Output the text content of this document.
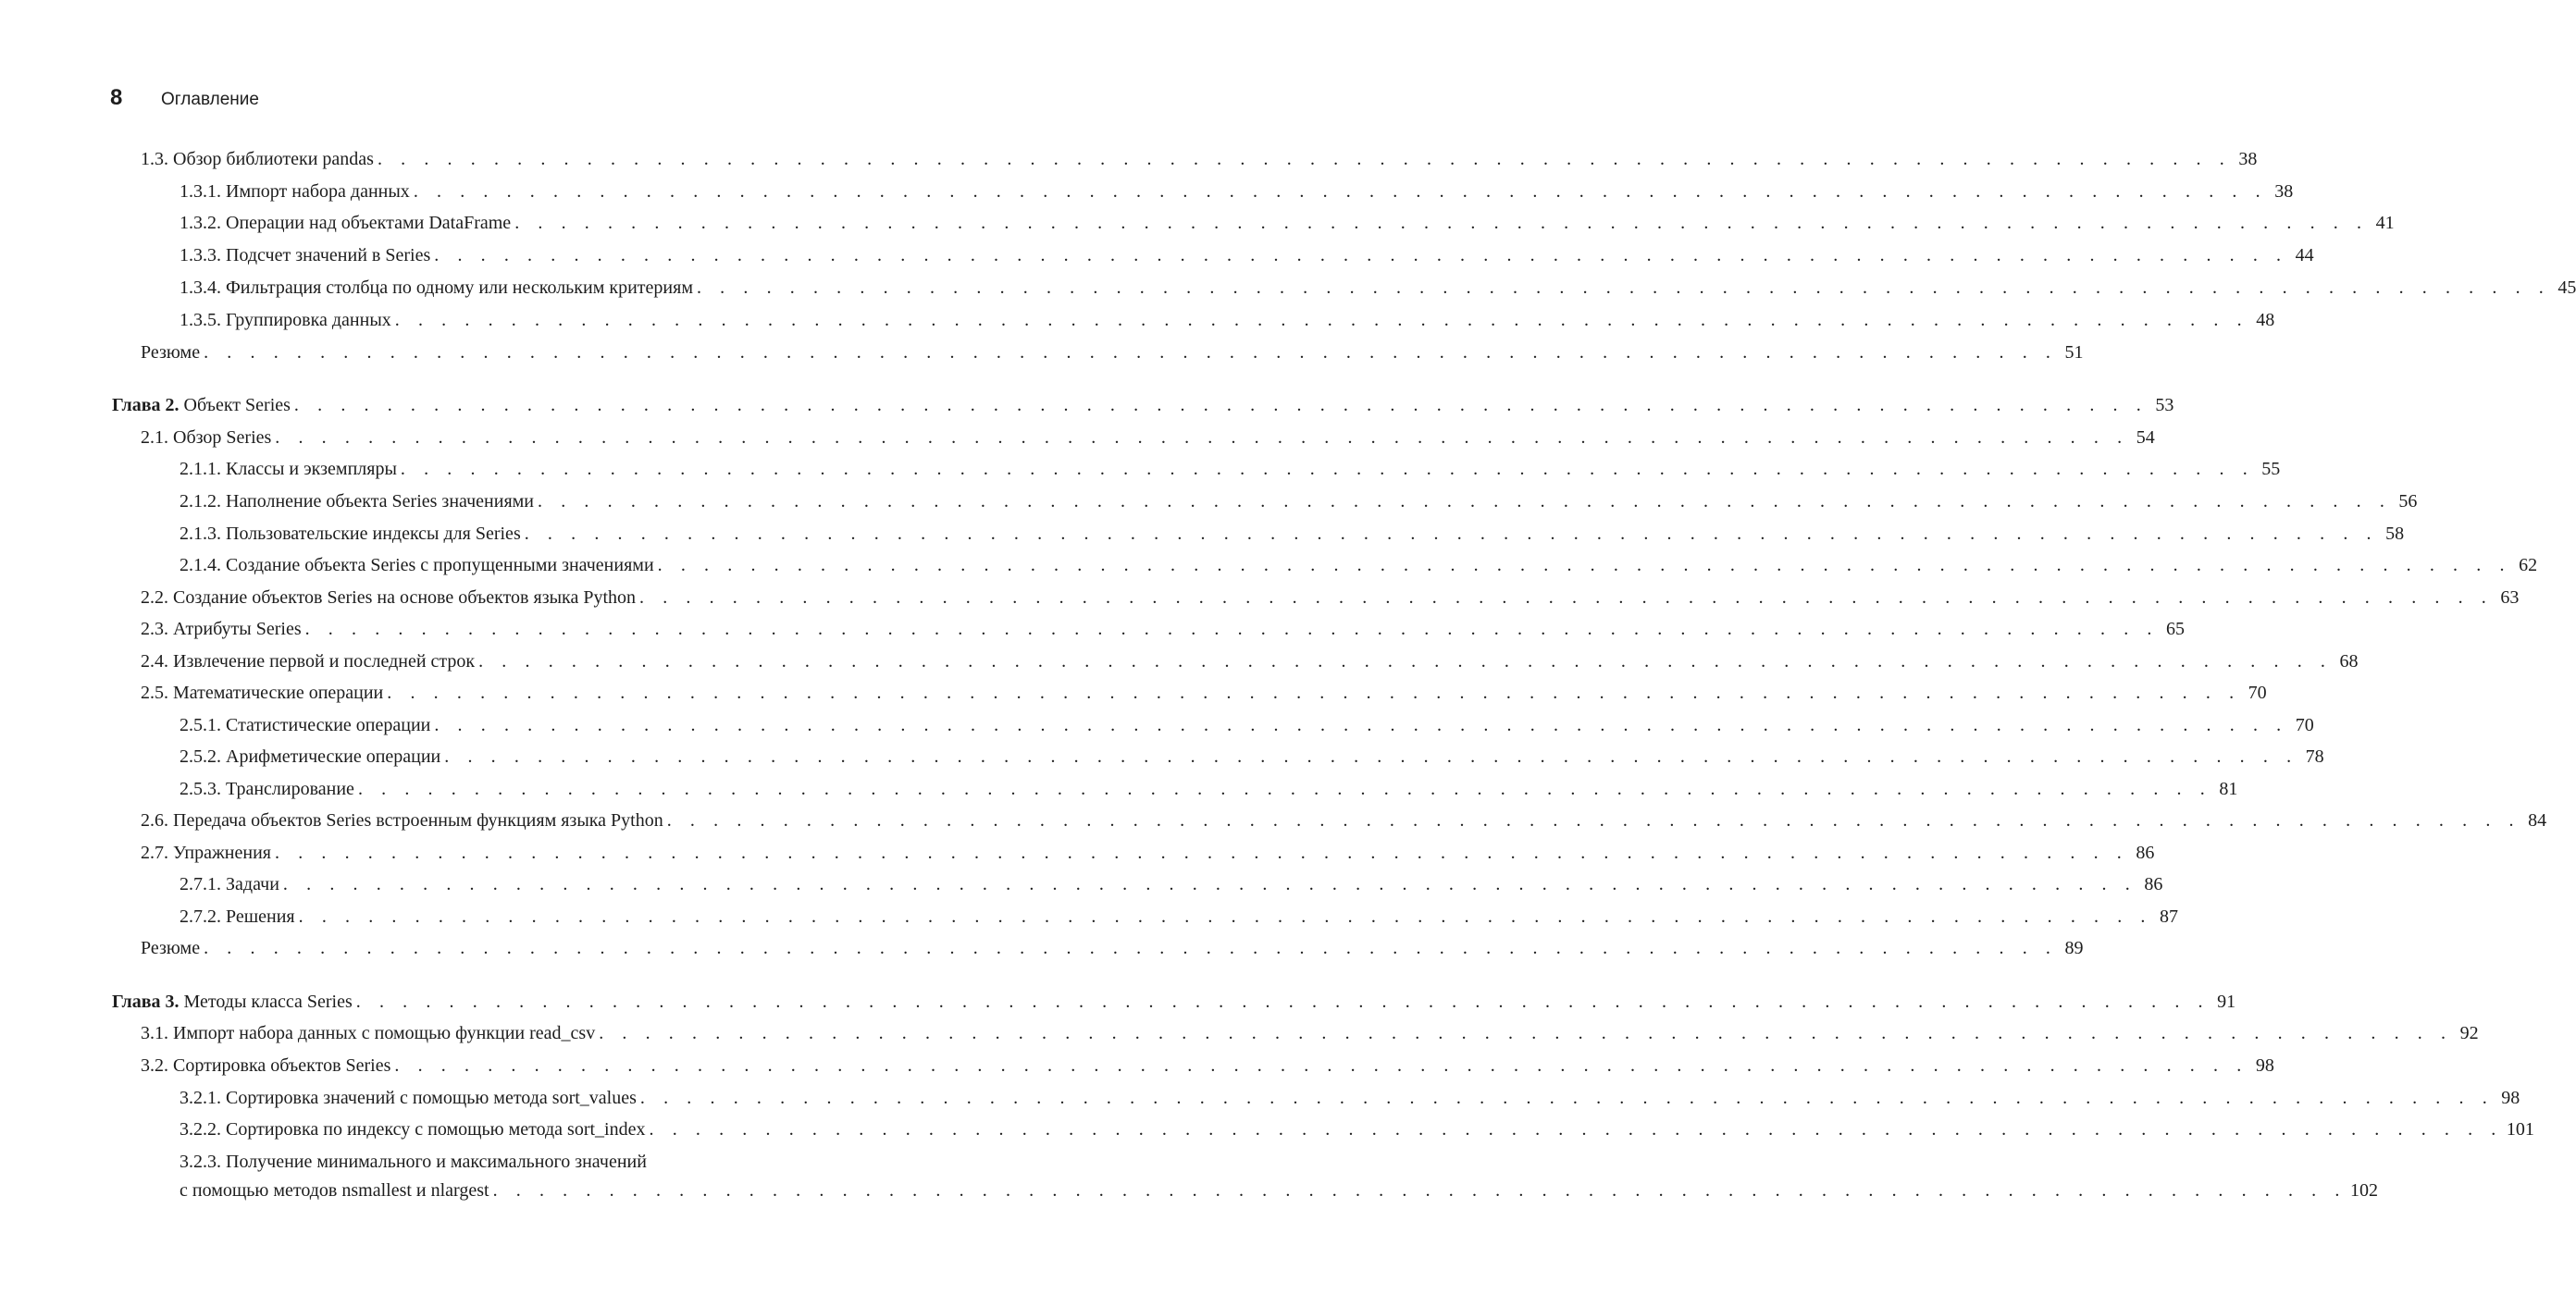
8	Оглавление
1.3. Обзор библиотеки pandas . . . . . . . . . . . . . . . . . . . . . . . . . . . . . . . . . . . . . . . . . . . . . . . . . . . . . . . . . . . . . . . . . . . . . . . . . . . . . . . . 38
1.3.1. Импорт набора данных . . . . . . . . . . . . . . . . . . . . . . . . . . . . . . . . . . . . . . . . . . . . . . . . . . . . . . . . . . . . . . . . . . . . . . . . . . . . . . . . 38
1.3.2. Операции над объектами DataFrame . . . . . . . . . . . . . . . . . . . . . . . . . . . . . . . . . . . . . . . . . . . . . . . . . . . . . . . . . . . . . . . . . . . . . . . . . . . . . . . . 41
1.3.3. Подсчет значений в Series . . . . . . . . . . . . . . . . . . . . . . . . . . . . . . . . . . . . . . . . . . . . . . . . . . . . . . . . . . . . . . . . . . . . . . . . . . . . . . . . 44
1.3.4. Фильтрация столбца по одному или нескольким критериям . . . . . . . . . . . . . . . . . . . . . . . . . . . . . . . . . . . . . . . . . . . . . . . . . . . . . . . . . . . . . . . . . . . . . . . . . . . . . . . . 45
1.3.5. Группировка данных . . . . . . . . . . . . . . . . . . . . . . . . . . . . . . . . . . . . . . . . . . . . . . . . . . . . . . . . . . . . . . . . . . . . . . . . . . . . . . . . 48
Резюме . . . . . . . . . . . . . . . . . . . . . . . . . . . . . . . . . . . . . . . . . . . . . . . . . . . . . . . . . . . . . . . . . . . . . . . . . . . . . . . . 51
Глава 2. Объект Series . . . . . . . . . . . . . . . . . . . . . . . . . . . . . . . . . . . . . . . . . . . . . . . . . . . . . . . . . . . . . . . . . . . . . . . . . . . . . . . . 53
2.1. Обзор Series . . . . . . . . . . . . . . . . . . . . . . . . . . . . . . . . . . . . . . . . . . . . . . . . . . . . . . . . . . . . . . . . . . . . . . . . . . . . . . . . 54
2.1.1. Классы и экземпляры . . . . . . . . . . . . . . . . . . . . . . . . . . . . . . . . . . . . . . . . . . . . . . . . . . . . . . . . . . . . . . . . . . . . . . . . . . . . . . . . 55
2.1.2. Наполнение объекта Series значениями . . . . . . . . . . . . . . . . . . . . . . . . . . . . . . . . . . . . . . . . . . . . . . . . . . . . . . . . . . . . . . . . . . . . . . . . . . . . . . . . 56
2.1.3. Пользовательские индексы для Series . . . . . . . . . . . . . . . . . . . . . . . . . . . . . . . . . . . . . . . . . . . . . . . . . . . . . . . . . . . . . . . . . . . . . . . . . . . . . . . . 58
2.1.4. Создание объекта Series с пропущенными значениями . . . . . . . . . . . . . . . . . . . . . . . . . . . . . . . . . . . . . . . . . . . . . . . . . . . . . . . . . . . . . . . . . . . . . . . . . . . . . . . . 62
2.2. Создание объектов Series на основе объектов языка Python . . . . . . . . . . . . . . . . . . . . . . . . . . . . . . . . . . . . . . . . . . . . . . . . . . . . . . . . . . . . . . . . . . . . . . . . . . . . . . . . 63
2.3. Атрибуты Series . . . . . . . . . . . . . . . . . . . . . . . . . . . . . . . . . . . . . . . . . . . . . . . . . . . . . . . . . . . . . . . . . . . . . . . . . . . . . . . . 65
2.4. Извлечение первой и последней строк . . . . . . . . . . . . . . . . . . . . . . . . . . . . . . . . . . . . . . . . . . . . . . . . . . . . . . . . . . . . . . . . . . . . . . . . . . . . . . . . 68
2.5. Математические операции . . . . . . . . . . . . . . . . . . . . . . . . . . . . . . . . . . . . . . . . . . . . . . . . . . . . . . . . . . . . . . . . . . . . . . . . . . . . . . . . 70
2.5.1. Статистические операции . . . . . . . . . . . . . . . . . . . . . . . . . . . . . . . . . . . . . . . . . . . . . . . . . . . . . . . . . . . . . . . . . . . . . . . . . . . . . . . . 70
2.5.2. Арифметические операции . . . . . . . . . . . . . . . . . . . . . . . . . . . . . . . . . . . . . . . . . . . . . . . . . . . . . . . . . . . . . . . . . . . . . . . . . . . . . . . . 78
2.5.3. Транслирование . . . . . . . . . . . . . . . . . . . . . . . . . . . . . . . . . . . . . . . . . . . . . . . . . . . . . . . . . . . . . . . . . . . . . . . . . . . . . . . . 81
2.6. Передача объектов Series встроенным функциям языка Python . . . . . . . . . . . . . . . . . . . . . . . . . . . . . . . . . . . . . . . . . . . . . . . . . . . . . . . . . . . . . . . . . . . . . . . . . . . . . . . . 84
2.7. Упражнения . . . . . . . . . . . . . . . . . . . . . . . . . . . . . . . . . . . . . . . . . . . . . . . . . . . . . . . . . . . . . . . . . . . . . . . . . . . . . . . . 86
2.7.1. Задачи . . . . . . . . . . . . . . . . . . . . . . . . . . . . . . . . . . . . . . . . . . . . . . . . . . . . . . . . . . . . . . . . . . . . . . . . . . . . . . . . 86
2.7.2. Решения . . . . . . . . . . . . . . . . . . . . . . . . . . . . . . . . . . . . . . . . . . . . . . . . . . . . . . . . . . . . . . . . . . . . . . . . . . . . . . . . 87
Резюме . . . . . . . . . . . . . . . . . . . . . . . . . . . . . . . . . . . . . . . . . . . . . . . . . . . . . . . . . . . . . . . . . . . . . . . . . . . . . . . . 89
Глава 3. Методы класса Series . . . . . . . . . . . . . . . . . . . . . . . . . . . . . . . . . . . . . . . . . . . . . . . . . . . . . . . . . . . . . . . . . . . . . . . . . . . . . . . . 91
3.1. Импорт набора данных с помощью функции read_csv . . . . . . . . . . . . . . . . . . . . . . . . . . . . . . . . . . . . . . . . . . . . . . . . . . . . . . . . . . . . . . . . . . . . . . . . . . . . . . . . 92
3.2. Сортировка объектов Series . . . . . . . . . . . . . . . . . . . . . . . . . . . . . . . . . . . . . . . . . . . . . . . . . . . . . . . . . . . . . . . . . . . . . . . . . . . . . . . . 98
3.2.1. Сортировка значений с помощью метода sort_values . . . . . . . . . . . . . . . . . . . . . . . . . . . . . . . . . . . . . . . . . . . . . . . . . . . . . . . . . . . . . . . . . . . . . . . . . . . . . . . . 98
3.2.2. Сортировка по индексу с помощью метода sort_index . . . . . . . . . . . . . . . . . . . . . . . . . . . . . . . . . . . . . . . . . . . . . . . . . . . . . . . . . . . . . . . . . . . . . . . . . . . . . . . . 101
3.2.3. Получение минимального и максимального значений
с помощью методов nsmallest и nlargest . . . . . . . . . . . . . . . . . . . . . . . . . . . . . . . . . . . . . . . . . . . . . . . . . . . . . . . . . . . . . . . . . . . . . . . . . . . . . . . . 102
